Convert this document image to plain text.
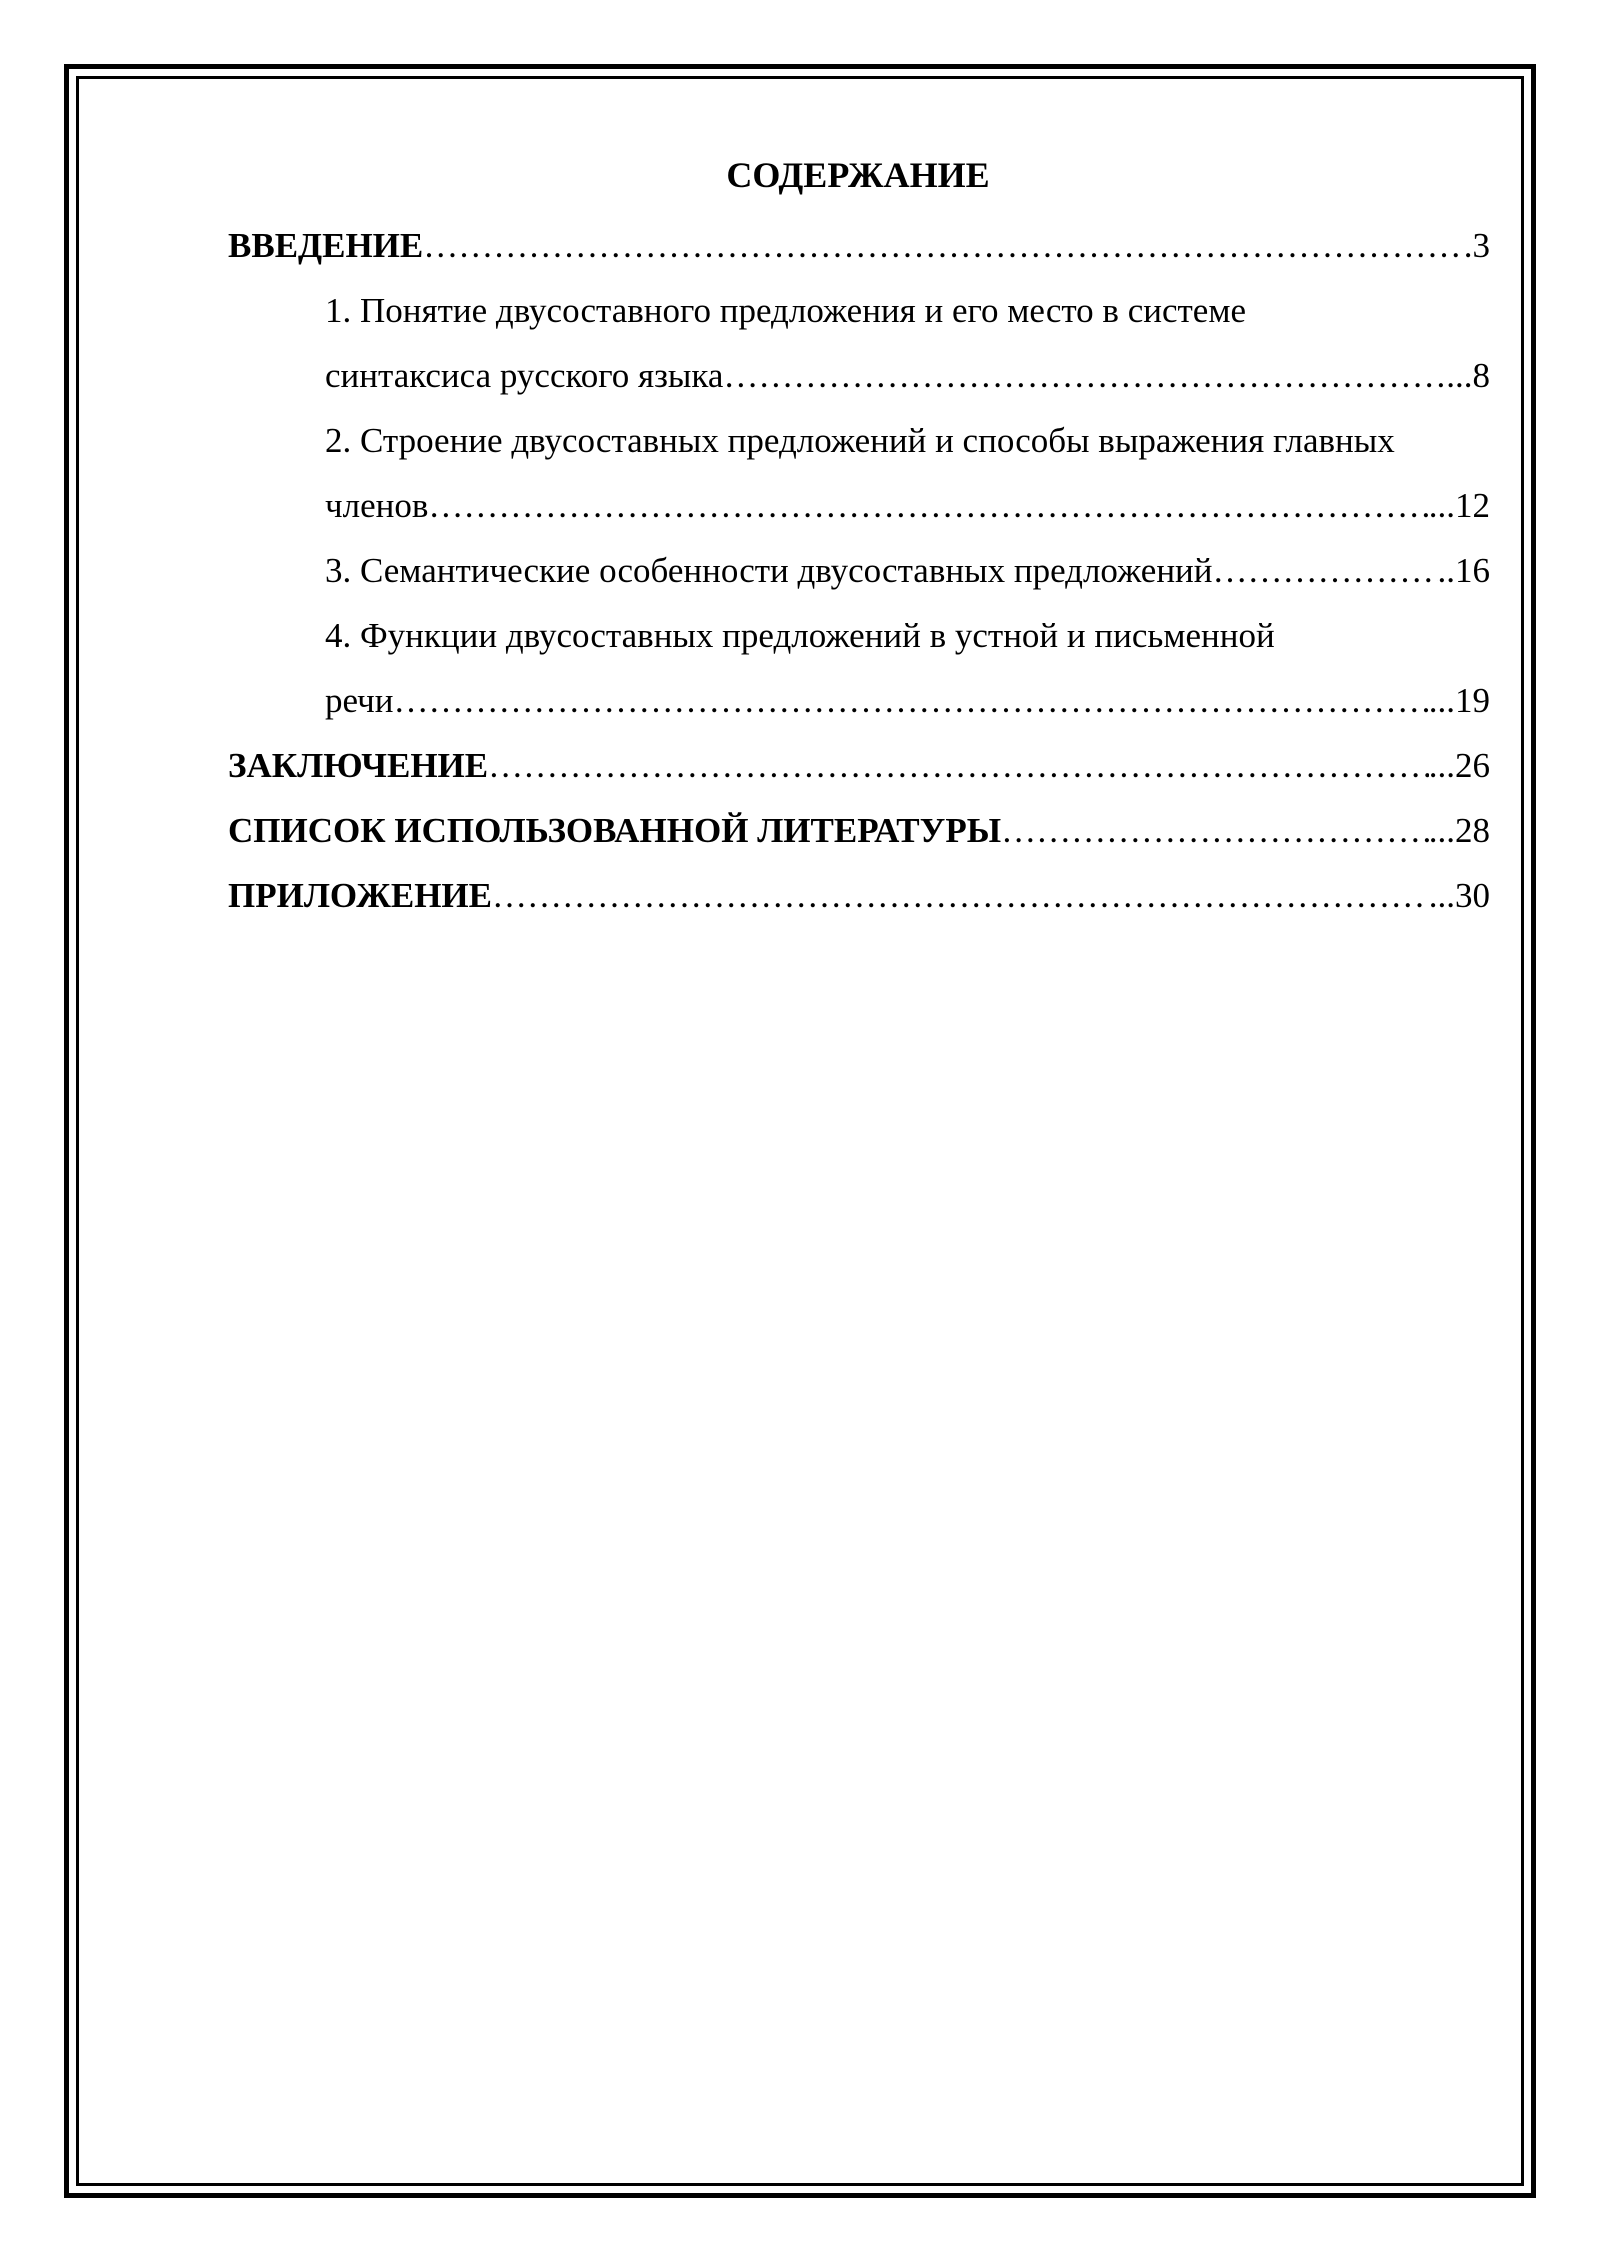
СОДЕРЖАНИЕ
ВВЕДЕНИЕ …………………………………………………………………………………………………………………………………………………………………………………………………………………………………………………………	.3
1. Понятие двусоставного предложения и его место в системе
синтаксиса русского языка …………………………………………………………………………………………………………………………………………………………………………………………………………………………………………………………	...8
2. Строение двусоставных предложений и способы выражения главных
членов …………………………………………………………………………………………………………………………………………………………………………………………………………………………………………………………	...12
3. Семантические особенности двусоставных предложений …………………………………………………………………………………………………………………………………………………………………………………………………………………………………………………………	..16
4. Функции двусоставных предложений в устной и письменной
речи …………………………………………………………………………………………………………………………………………………………………………………………………………………………………………………………	...19
ЗАКЛЮЧЕНИЕ …………………………………………………………………………………………………………………………………………………………………………………………………………………………………………………………	...26
СПИСОК ИСПОЛЬЗОВАННОЙ ЛИТЕРАТУРЫ …………………………………………………………………………………………………………………………………………………………………………………………………………………………………………………………	...28
ПРИЛОЖЕНИЕ …………………………………………………………………………………………………………………………………………………………………………………………………………………………………………………………	...30
